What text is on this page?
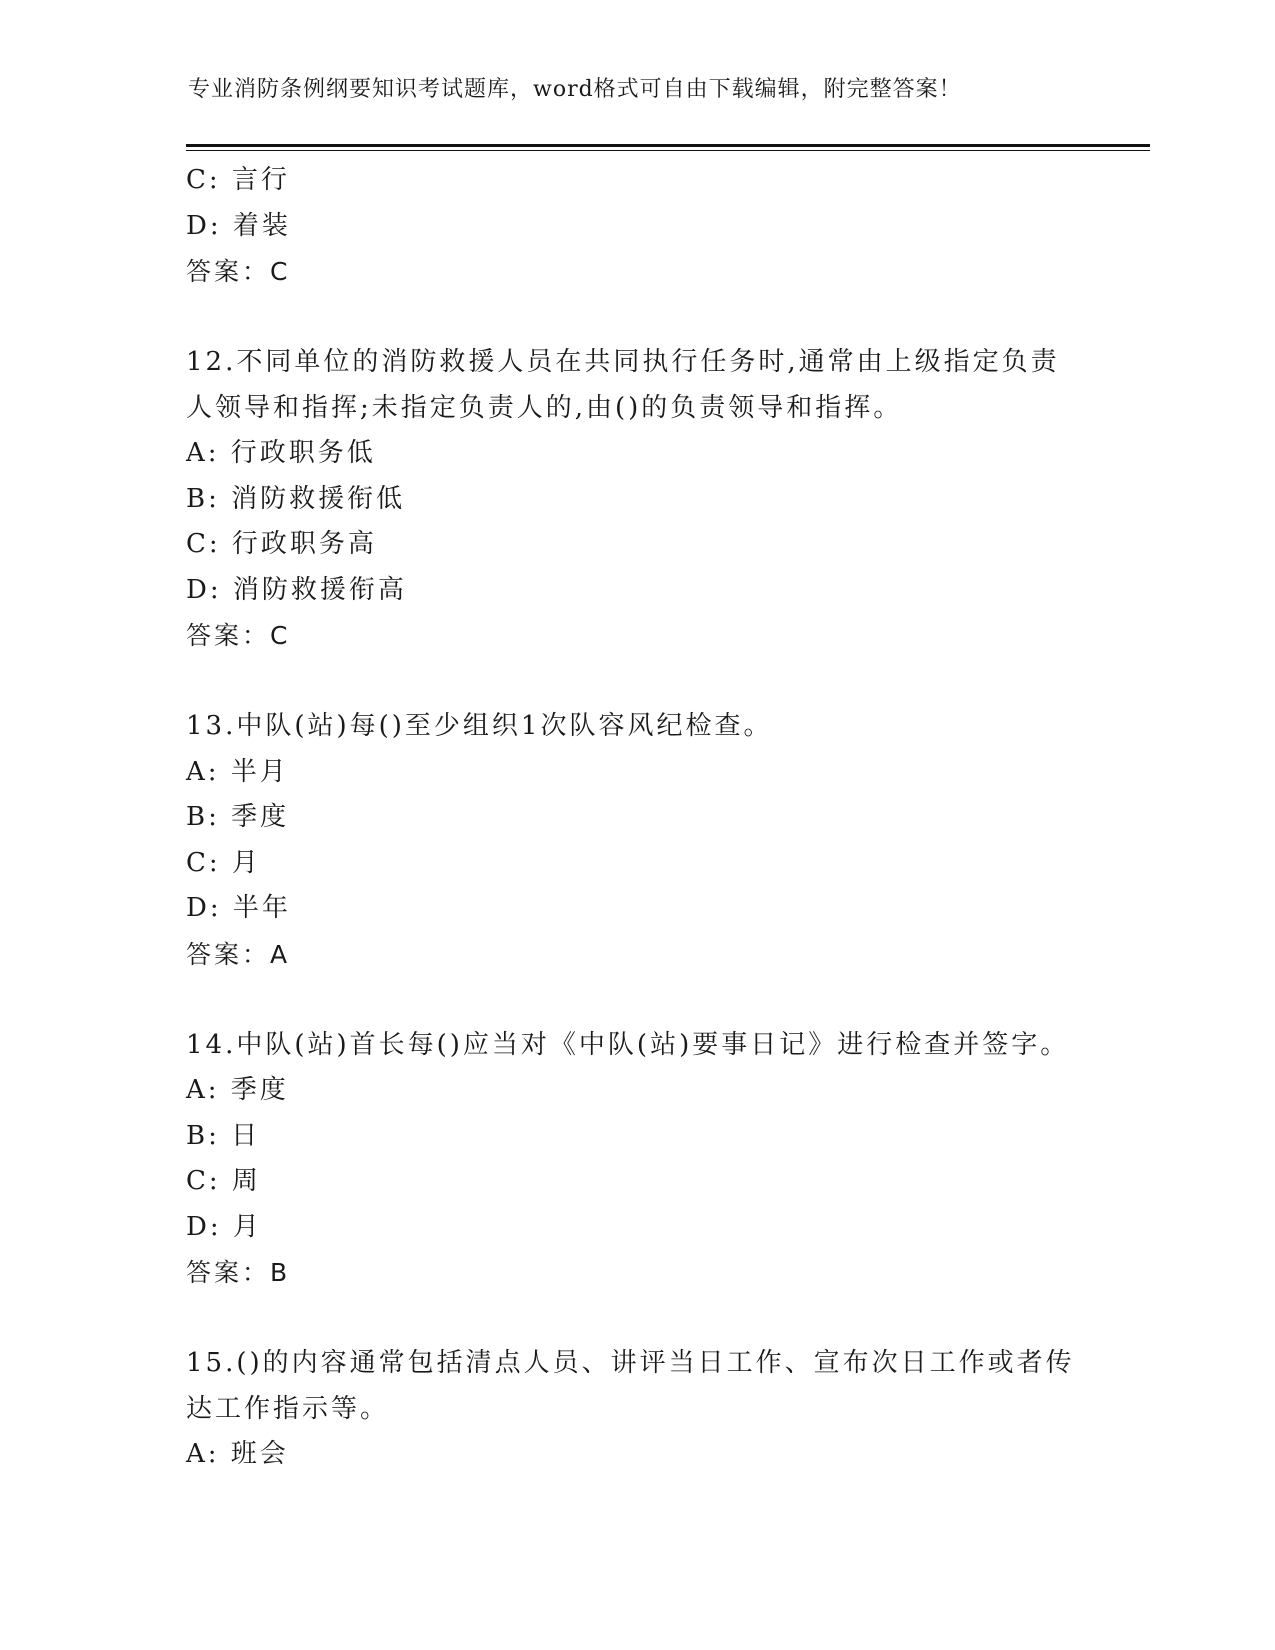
专业消防条例纲要知识考试题库，word格式可自由下载编辑，附完整答案！
C: 言行
D: 着装
答案：C
12.不同单位的消防救援人员在共同执行任务时,通常由上级指定负责
人领导和指挥;未指定负责人的,由()的负责领导和指挥。
A: 行政职务低
B: 消防救援衔低
C: 行政职务高
D: 消防救援衔高
答案：C
13.中队(站)每()至少组织1次队容风纪检查。
A: 半月
B: 季度
C: 月
D: 半年
答案：A
14.中队(站)首长每()应当对《中队(站)要事日记》进行检查并签字。
A: 季度
B: 日
C: 周
D: 月
答案：B
15.()的内容通常包括清点人员、讲评当日工作、宣布次日工作或者传
达工作指示等。
A: 班会
